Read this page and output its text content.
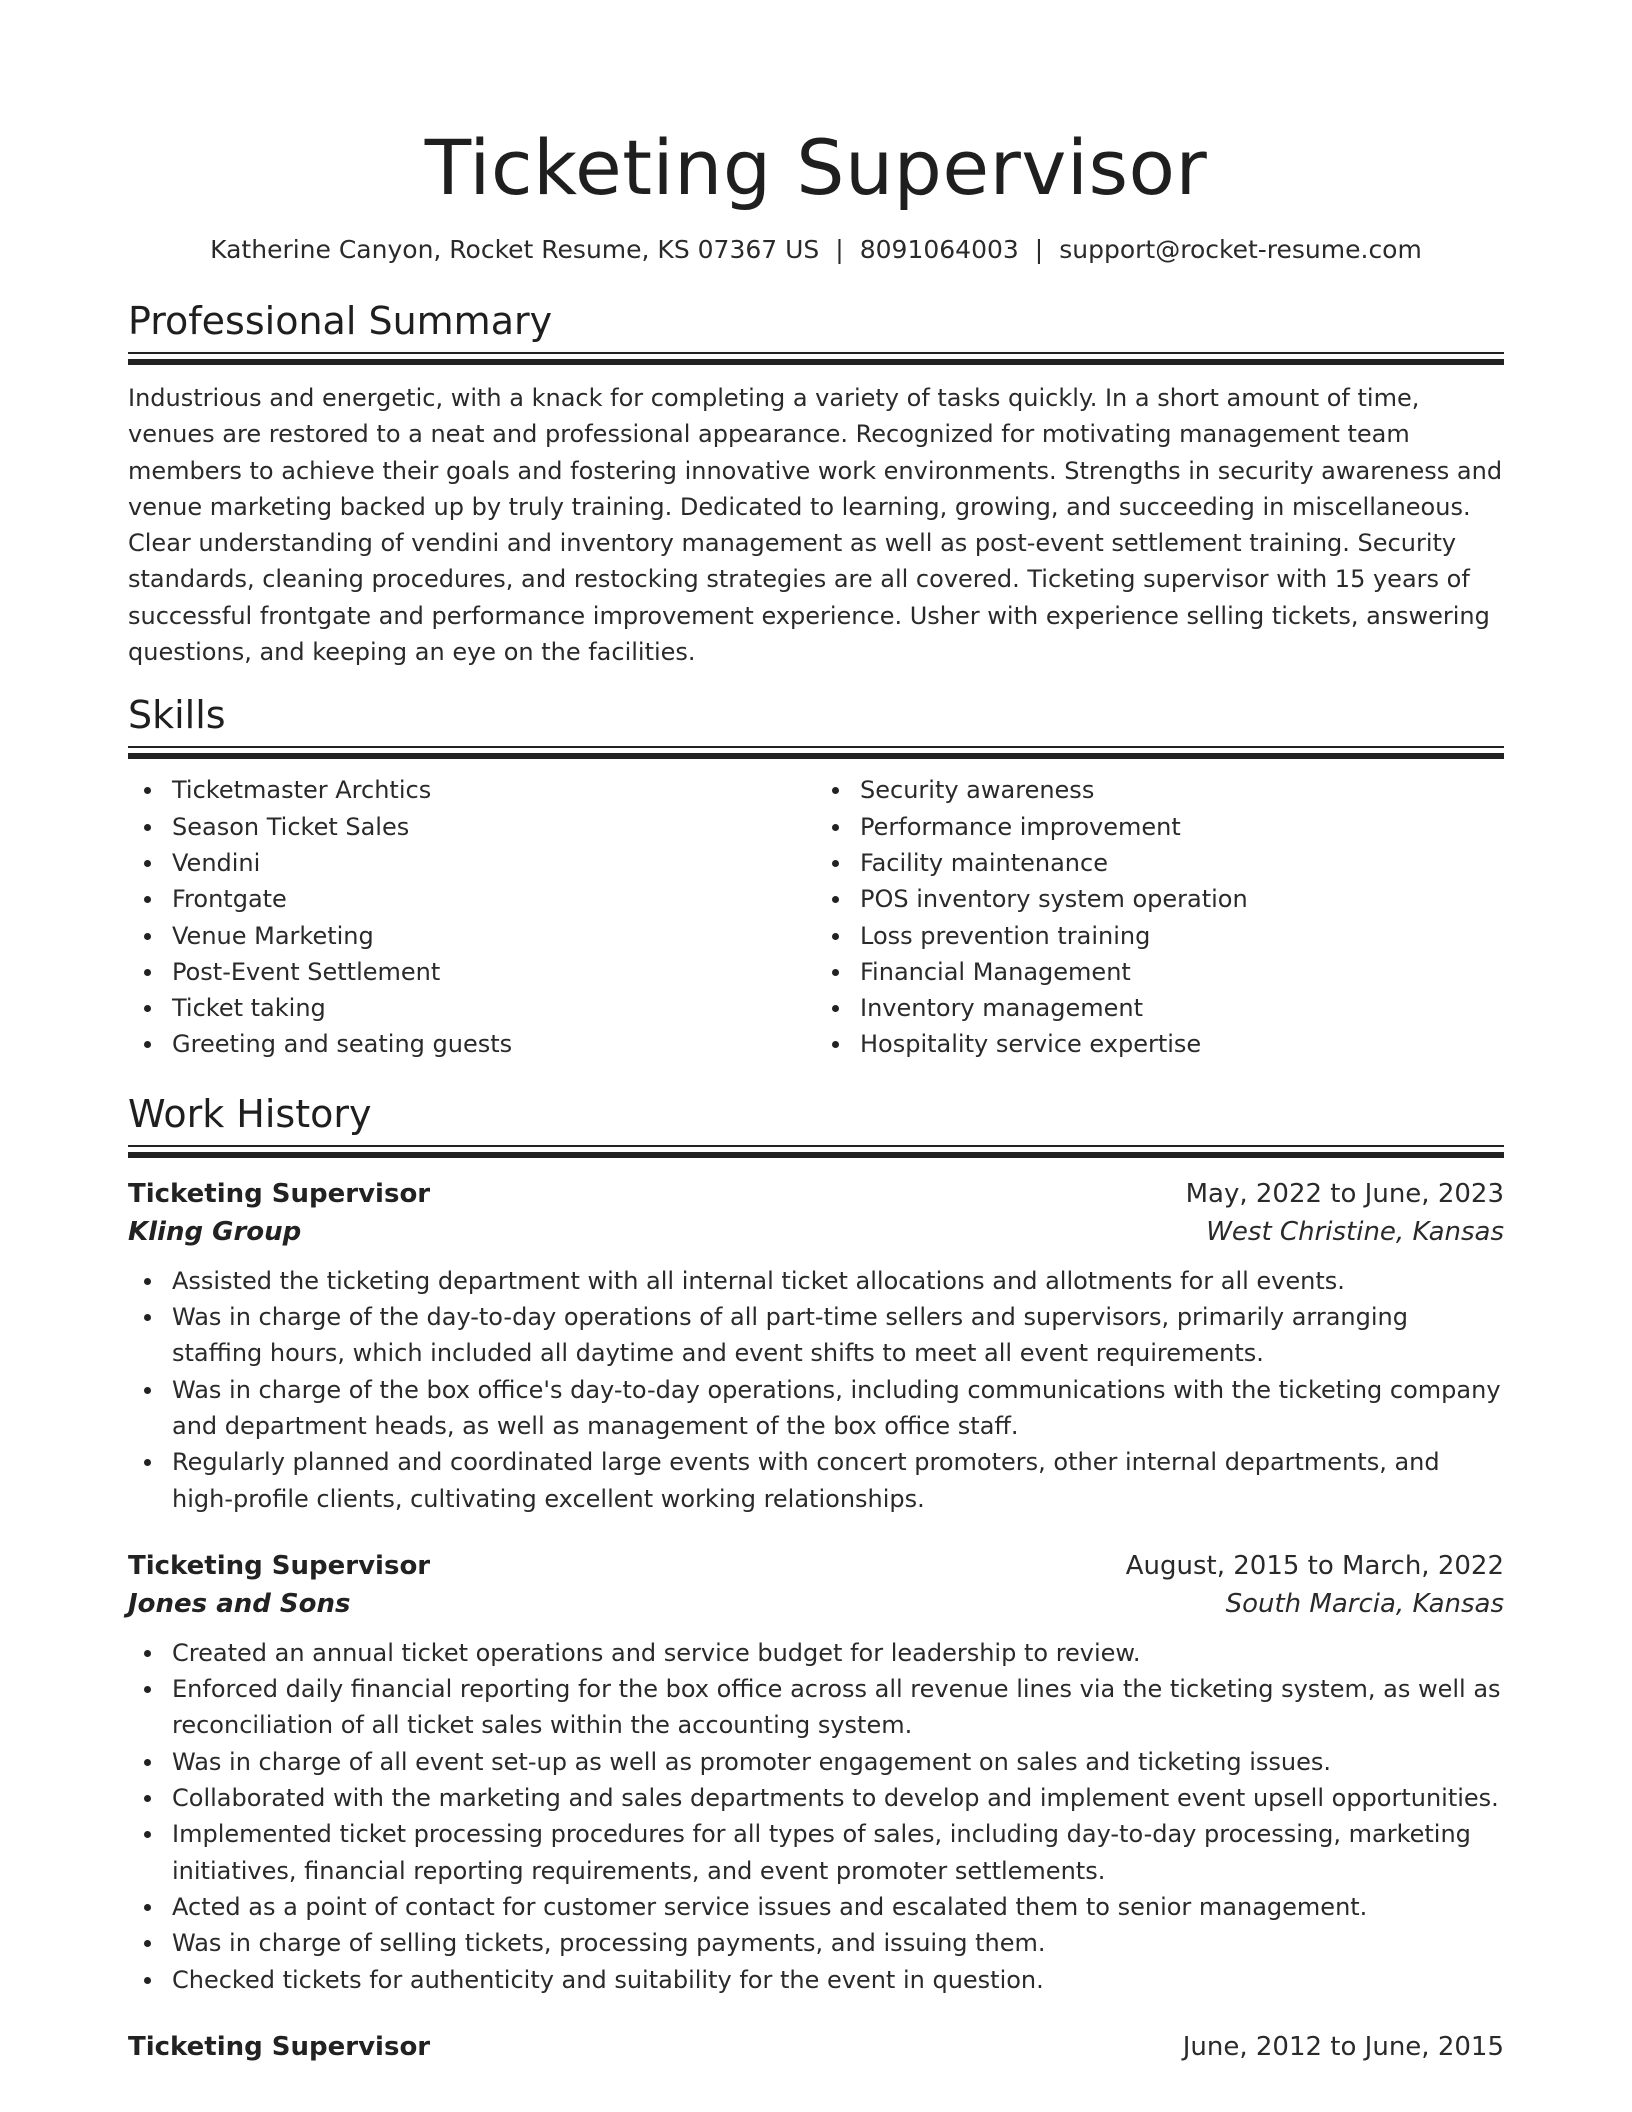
Ticketing Supervisor
Katherine Canyon, Rocket Resume, KS 07367 US | 8091064003 | support@rocket-resume.com
Professional Summary

Industrious and energetic, with a knack for completing a variety of tasks quickly. In a short amount of time, venues are restored to a neat and professional appearance. Recognized for motivating management team members to achieve their goals and fostering innovative work environments. Strengths in security awareness and venue marketing backed up by truly training. Dedicated to learning, growing, and succeeding in miscellaneous. Clear understanding of vendini and inventory management as well as post-event settlement training. Security standards, cleaning procedures, and restocking strategies are all covered. Ticketing supervisor with 15 years of successful frontgate and performance improvement experience. Usher with experience selling tickets, answering questions, and keeping an eye on the facilities.

Skills
Ticketmaster Archtics
Season Ticket Sales
Vendini
Frontgate
Venue Marketing
Post-Event Settlement
Ticket taking
Greeting and seating guests
Security awareness
Performance improvement
Facility maintenance
POS inventory system operation
Loss prevention training
Financial Management
Inventory management
Hospitality service expertise
Work History
Ticketing Supervisor	May, 2022 to June, 2023
Kling Group	West Christine, Kansas
Assisted the ticketing department with all internal ticket allocations and allotments for all events.
Was in charge of the day-to-day operations of all part-time sellers and supervisors, primarily arranging staffing hours, which included all daytime and event shifts to meet all event requirements.
Was in charge of the box office's day-to-day operations, including communications with the ticketing company and department heads, as well as management of the box office staff.
Regularly planned and coordinated large events with concert promoters, other internal departments, and high-profile clients, cultivating excellent working relationships.
Ticketing Supervisor	August, 2015 to March, 2022
Jones and Sons	South Marcia, Kansas
Created an annual ticket operations and service budget for leadership to review.
Enforced daily financial reporting for the box office across all revenue lines via the ticketing system, as well as reconciliation of all ticket sales within the accounting system.
Was in charge of all event set-up as well as promoter engagement on sales and ticketing issues.
Collaborated with the marketing and sales departments to develop and implement event upsell opportunities.
Implemented ticket processing procedures for all types of sales, including day-to-day processing, marketing initiatives, financial reporting requirements, and event promoter settlements.
Acted as a point of contact for customer service issues and escalated them to senior management.
Was in charge of selling tickets, processing payments, and issuing them.
Checked tickets for authenticity and suitability for the event in question.
Ticketing Supervisor	June, 2012 to June, 2015
